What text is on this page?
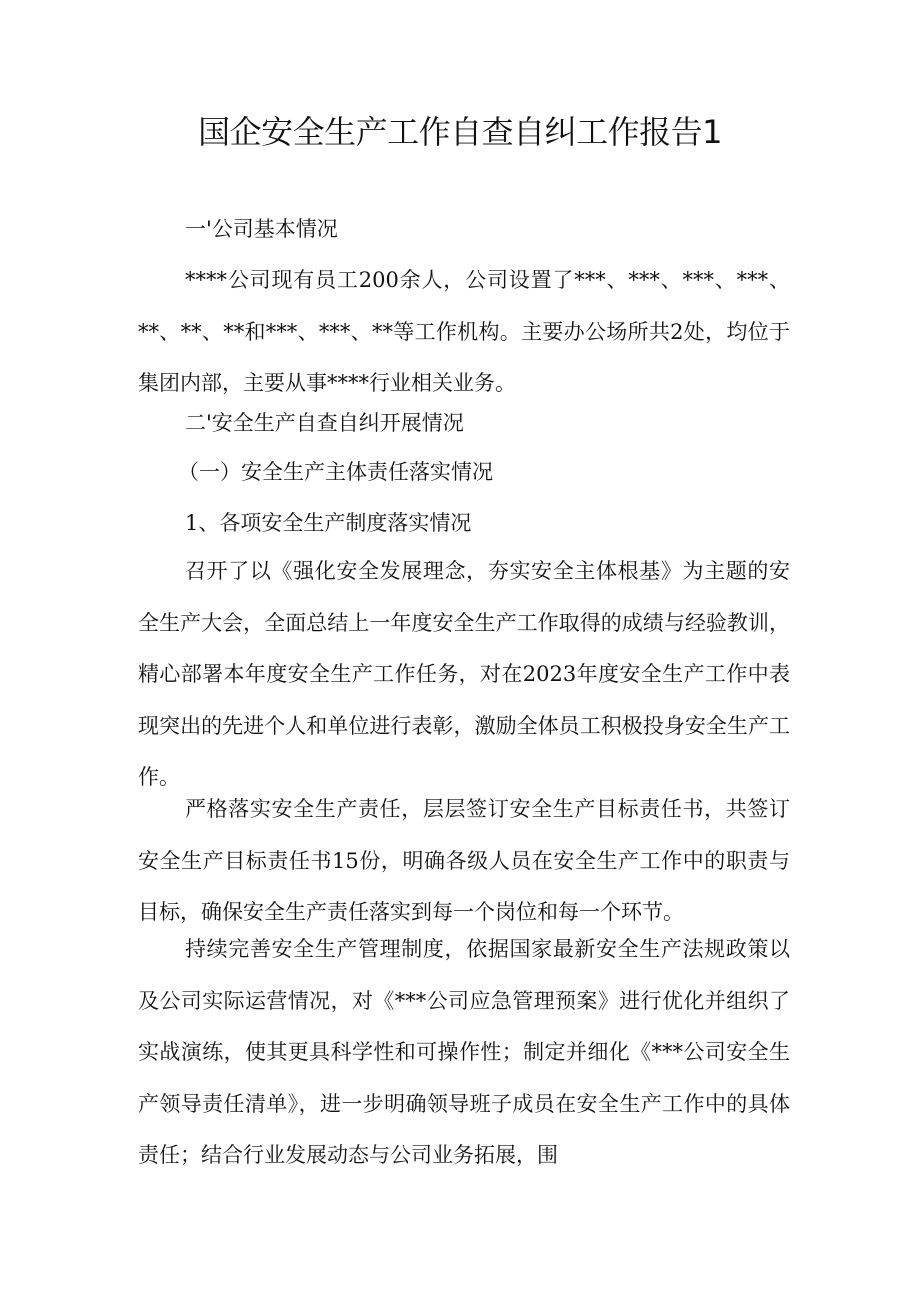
国企安全生产工作自查自纠工作报告1
一'公司基本情况

****公司现有员工200余人，公司设置了***、***、***、***、**、**、**和***、***、**等工作机构。主要办公场所共2处，均位于集团内部，主要从事****行业相关业务。

二'安全生产自查自纠开展情况
（一）安全生产主体责任落实情况
1、各项安全生产制度落实情况

召开了以《强化安全发展理念，夯实安全主体根基》为主题的安全生产大会，全面总结上一年度安全生产工作取得的成绩与经验教训，精心部署本年度安全生产工作任务，对在2023年度安全生产工作中表现突出的先进个人和单位进行表彰，激励全体员工积极投身安全生产工作。

严格落实安全生产责任，层层签订安全生产目标责任书，共签订安全生产目标责任书15份，明确各级人员在安全生产工作中的职责与目标，确保安全生产责任落实到每一个岗位和每一个环节。

持续完善安全生产管理制度，依据国家最新安全生产法规政策以及公司实际运营情况，对《***公司应急管理预案》进行优化并组织了实战演练，使其更具科学性和可操作性；制定并细化《***公司安全生产领导责任清单》，进一步明确领导班子成员在安全生产工作中的具体责任；结合行业发展动态与公司业务拓展，围
